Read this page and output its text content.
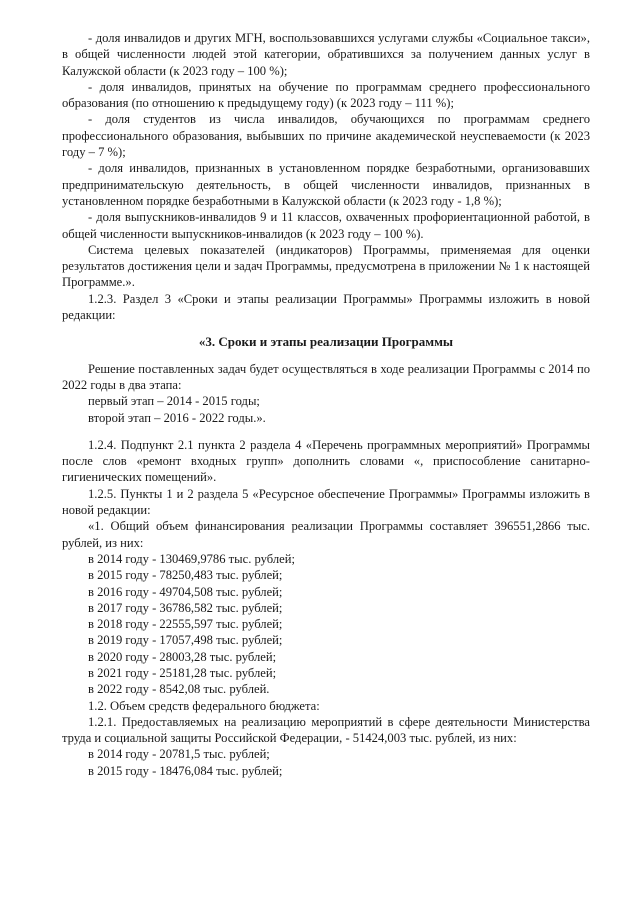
- доля инвалидов и других МГН, воспользовавшихся услугами службы «Социальное такси», в общей численности людей этой категории, обратившихся за получением данных услуг в Калужской области (к 2023 году – 100 %);

- доля инвалидов, принятых на обучение по программам среднего профессионального образования (по отношению к предыдущему году) (к 2023 году – 111 %);

- доля студентов из числа инвалидов, обучающихся по программам среднего профессионального образования, выбывших по причине академической неуспеваемости (к 2023 году – 7 %);

- доля инвалидов, признанных в установленном порядке безработными, организовавших предпринимательскую деятельность, в общей численности инвалидов, признанных в установленном порядке безработными в Калужской области (к 2023 году - 1,8 %);

- доля выпускников-инвалидов 9 и 11 классов, охваченных профориентационной работой, в общей численности выпускников-инвалидов (к 2023 году – 100 %).

Система целевых показателей (индикаторов) Программы, применяемая для оценки результатов достижения цели и задач Программы, предусмотрена в приложении № 1 к настоящей Программе.».

1.2.3. Раздел 3 «Сроки и этапы реализации Программы» Программы изложить в новой редакции:

«3. Сроки и этапы реализации Программы

Решение поставленных задач будет осуществляться в ходе реализации Программы с 2014 по 2022 годы в два этапа:

первый этап – 2014 - 2015 годы;

второй этап – 2016 - 2022 годы.».

1.2.4. Подпункт 2.1 пункта 2 раздела 4 «Перечень программных мероприятий» Программы после слов «ремонт входных групп» дополнить словами «, приспособление санитарно-гигиенических помещений».

1.2.5. Пункты 1 и 2 раздела 5 «Ресурсное обеспечение Программы» Программы изложить в новой редакции:

«1. Общий объем финансирования реализации Программы составляет 396551,2866 тыс. рублей, из них:

в 2014 году - 130469,9786 тыс. рублей;

в 2015 году - 78250,483 тыс. рублей;

в 2016 году - 49704,508 тыс. рублей;

в 2017 году - 36786,582 тыс. рублей;

в 2018 году - 22555,597 тыс. рублей;

в 2019 году - 17057,498 тыс. рублей;

в 2020 году - 28003,28 тыс. рублей;

в 2021 году - 25181,28 тыс. рублей;

в 2022 году - 8542,08 тыс. рублей.

1.2. Объем средств федерального бюджета:

1.2.1. Предоставляемых на реализацию мероприятий в сфере деятельности Министерства труда и социальной защиты Российской Федерации, - 51424,003 тыс. рублей, из них:

в 2014 году - 20781,5 тыс. рублей;

в 2015 году - 18476,084 тыс. рублей;
